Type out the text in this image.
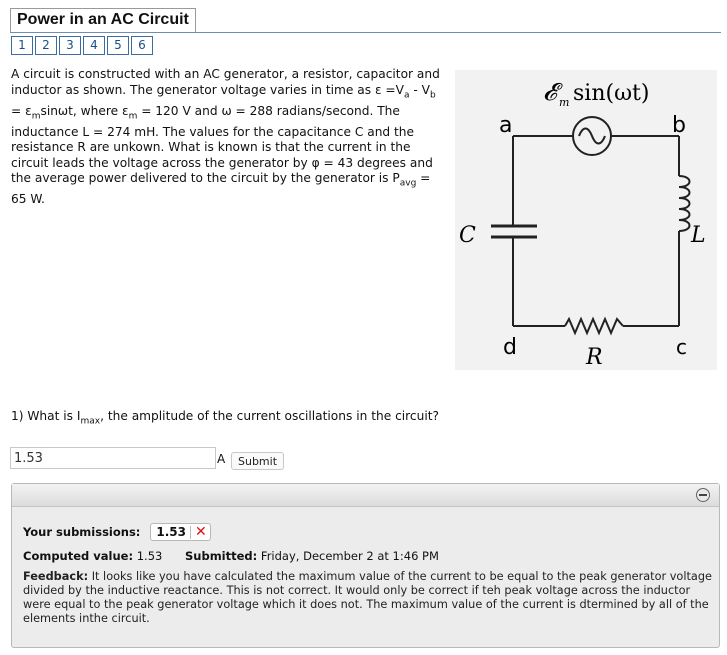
Power in an AC Circuit
1	2	3	4	5	6
A circuit is constructed with an AC generator, a resistor, capacitor and inductor as shown. The generator voltage varies in time as $\varepsilon =V_a - V_b = \varepsilon_m\sin\omega t$, where $\varepsilon_m = 120$ V and ω = 288 radians/second. The inductance L = 274 mH. The values for the capacitance C and the resistance R are unkown. What is known is that the current in the circuit leads the voltage across the generator by φ = 43 degrees and the average power delivered to the circuit by the generator is $P_{avg} = 65$ W.
𝓔 m sin(ωt)
a	b
c
d
C	L
R
1) What is $I_{max}$, the amplitude of the current oscillations in the circuit?
1.53
A	Submit
Your submissions: 1.53 ✕
Computed value: 1.53 Submitted: Friday, December 2 at 1:46 PM
Feedback: It looks like you have calculated the maximum value of the current to be equal to the peak generator voltage divided by the inductive reactance. This is not correct. It would only be correct if teh peak voltage across the inductor were equal to the peak generator voltage which it does not. The maximum value of the current is dtermined by all of the elements inthe circuit.
